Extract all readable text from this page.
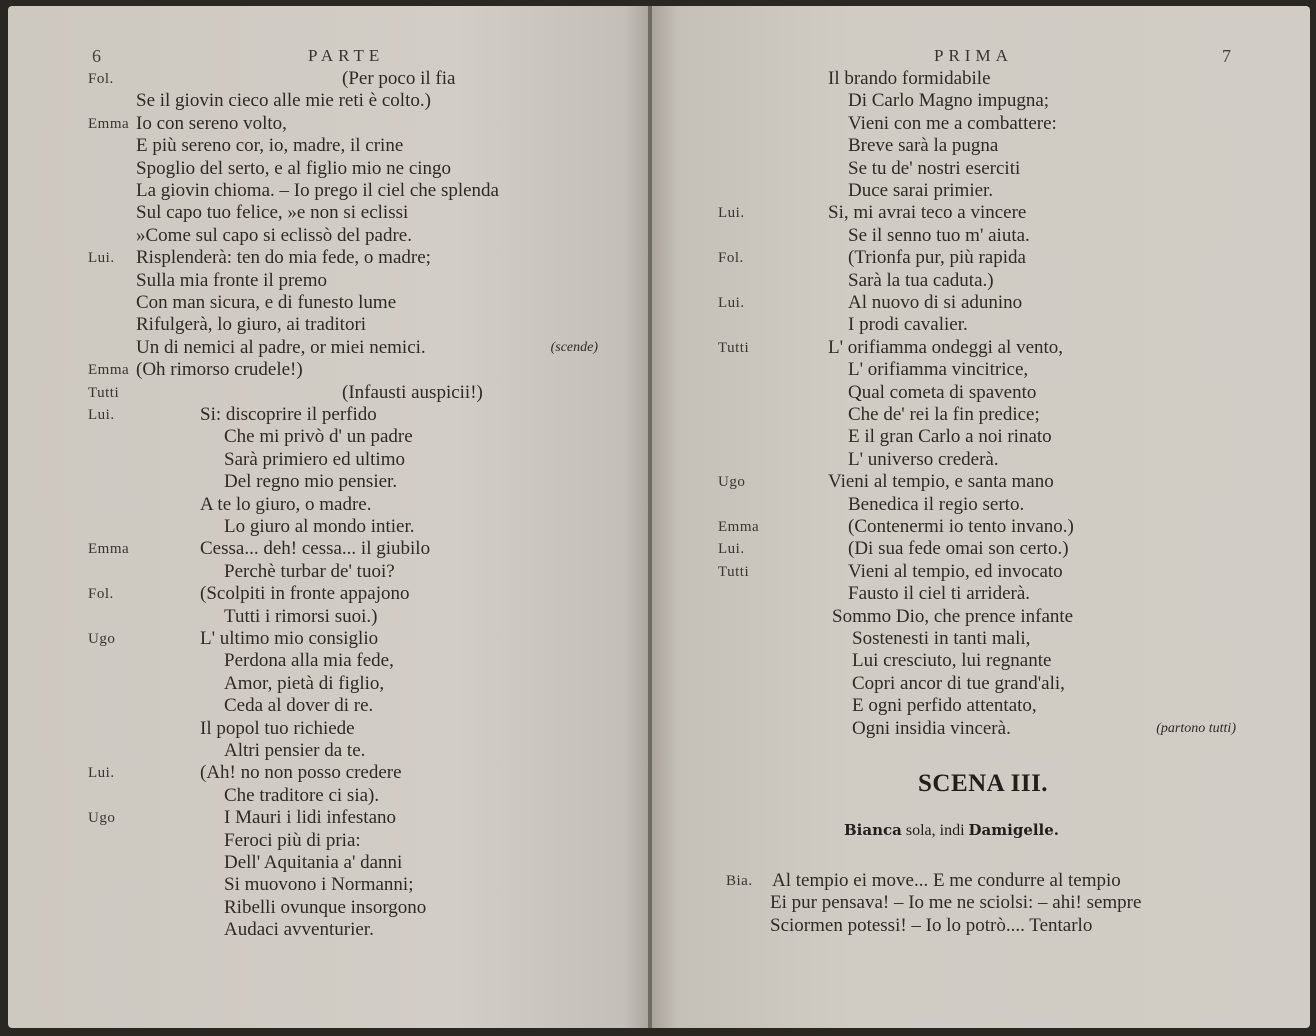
6	PARTE
Fol.	(Per poco il fia
Se il giovin cieco alle mie reti è colto.)
Emma Io con sereno volto,
E più sereno cor, io, madre, il crine
Spoglio del serto, e al figlio mio ne cingo
La giovin chioma. – Io prego il ciel che splenda
Sul capo tuo felice, »e non si eclissi
»Come sul capo si eclissò del padre.
Lui. Risplenderà: ten do mia fede, o madre;
Sulla mia fronte il premo
Con man sicura, e di funesto lume
Rifulgerà, lo giuro, ai traditori
Un di nemici al padre, or miei nemici.	(scende)
Emma (Oh rimorso crudele!)
Tutti	(Infausti auspicii!)
Lui.	Si: discoprire il perfido
Che mi privò d' un padre
Sarà primiero ed ultimo
Del regno mio pensier.
A te lo giuro, o madre.
Lo giuro al mondo intier.
Emma	Cessa... deh! cessa... il giubilo
Perchè turbar de' tuoi?
Fol.	(Scolpiti in fronte appajono
Tutti i rimorsi suoi.)
Ugo	L' ultimo mio consiglio
Perdona alla mia fede,
Amor, pietà di figlio,
Ceda al dover di re.
Il popol tuo richiede
Altri pensier da te.
Lui.	(Ah! no non posso credere
Che traditore ci sia).
Ugo	I Mauri i lidi infestano
Feroci più di pria:
Dell' Aquitania a' danni
Si muovono i Normanni;
Ribelli ovunque insorgono
Audaci avventurier.
PRIMA	7
Il brando formidabile
Di Carlo Magno impugna;
Vieni con me a combattere:
Breve sarà la pugna
Se tu de' nostri eserciti
Duce sarai primier.
Lui.	Si, mi avrai teco a vincere
Se il senno tuo m' aiuta.
Fol.	(Trionfa pur, più rapida
Sarà la tua caduta.)
Lui.	Al nuovo di si adunino
I prodi cavalier.
Tutti	L' orifiamma ondeggi al vento,
L' orifiamma vincitrice,
Qual cometa di spavento
Che de' rei la fin predice;
E il gran Carlo a noi rinato
L' universo crederà.
Ugo	Vieni al tempio, e santa mano
Benedica il regio serto.
Emma	(Contenermi io tento invano.)
Lui.	(Di sua fede omai son certo.)
Tutti	Vieni al tempio, ed invocato
Fausto il ciel ti arriderà.
Sommo Dio, che prence infante
Sostenesti in tanti mali,
Lui cresciuto, lui regnante
Copri ancor di tue grand'ali,
E ogni perfido attentato,
Ogni insidia vincerà.	(partono tutti)
SCENA III.
Bianca sola, indi Damigelle.
Bia. Al tempio ei move... E me condurre al tempio
Ei pur pensava! – Io me ne sciolsi: – ahi! sempre
Sciormen potessi! – Io lo potrò.... Tentarlo
